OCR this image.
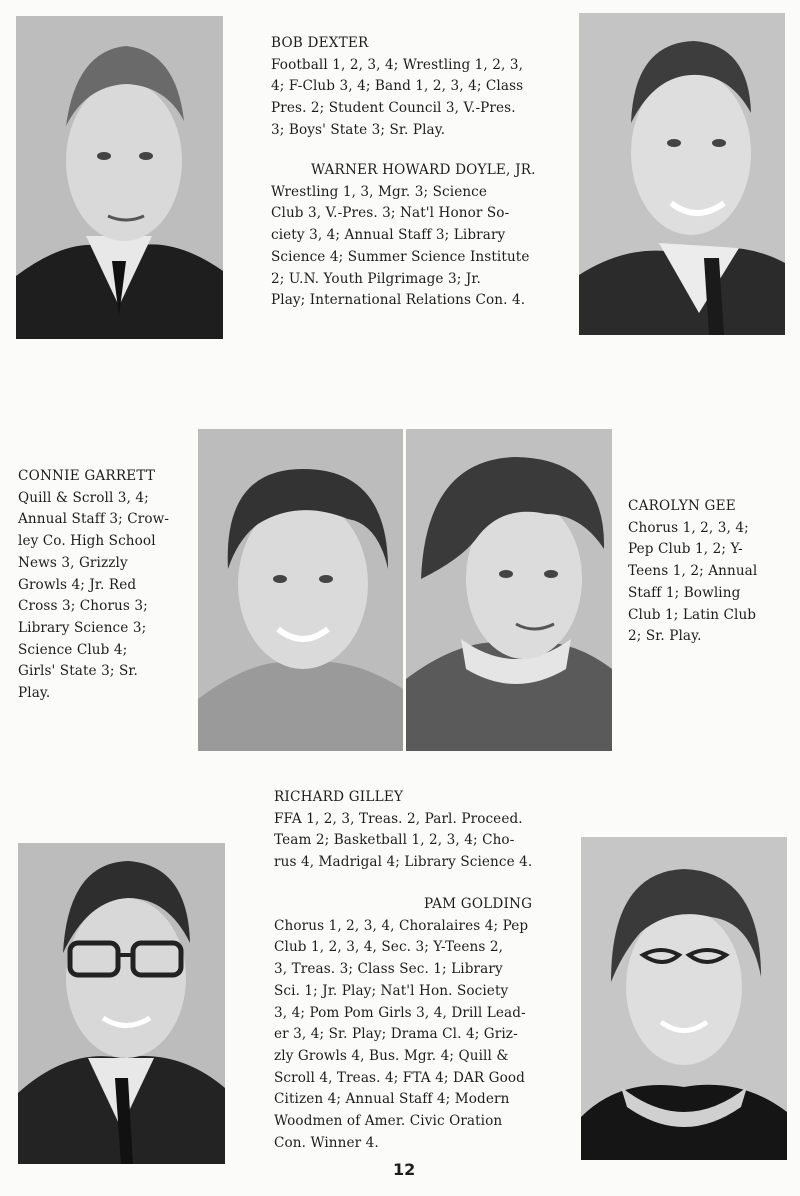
BOB DEXTER
Football 1, 2, 3, 4; Wrestling 1, 2, 3,
4; F-Club 3, 4; Band 1, 2, 3, 4; Class
Pres. 2; Student Council 3, V.-Pres.
3; Boys' State 3; Sr. Play.
WARNER HOWARD DOYLE, JR.
Wrestling 1, 3, Mgr. 3; Science
Club 3, V.-Pres. 3; Nat'l Honor So-
ciety 3, 4; Annual Staff 3; Library
Science 4; Summer Science Institute
2; U.N. Youth Pilgrimage 3; Jr.
Play; International Relations Con. 4.
CONNIE GARRETT
Quill & Scroll 3, 4;
Annual Staff 3; Crow-
ley Co. High School
News 3, Grizzly
Growls 4; Jr. Red
Cross 3; Chorus 3;
Library Science 3;
Science Club 4;
Girls' State 3; Sr.
Play.
CAROLYN GEE
Chorus 1, 2, 3, 4;
Pep Club 1, 2; Y-
Teens 1, 2; Annual
Staff 1; Bowling
Club 1; Latin Club
2; Sr. Play.
RICHARD GILLEY
FFA 1, 2, 3, Treas. 2, Parl. Proceed.
Team 2; Basketball 1, 2, 3, 4; Cho-
rus 4, Madrigal 4; Library Science 4.
PAM GOLDING
Chorus 1, 2, 3, 4, Choralaires 4; Pep
Club 1, 2, 3, 4, Sec. 3; Y-Teens 2,
3, Treas. 3; Class Sec. 1; Library
Sci. 1; Jr. Play; Nat'l Hon. Society
3, 4; Pom Pom Girls 3, 4, Drill Lead-
er 3, 4; Sr. Play; Drama Cl. 4; Griz-
zly Growls 4, Bus. Mgr. 4; Quill &
Scroll 4, Treas. 4; FTA 4; DAR Good
Citizen 4; Annual Staff 4; Modern
Woodmen of Amer. Civic Oration
Con. Winner 4.
12
